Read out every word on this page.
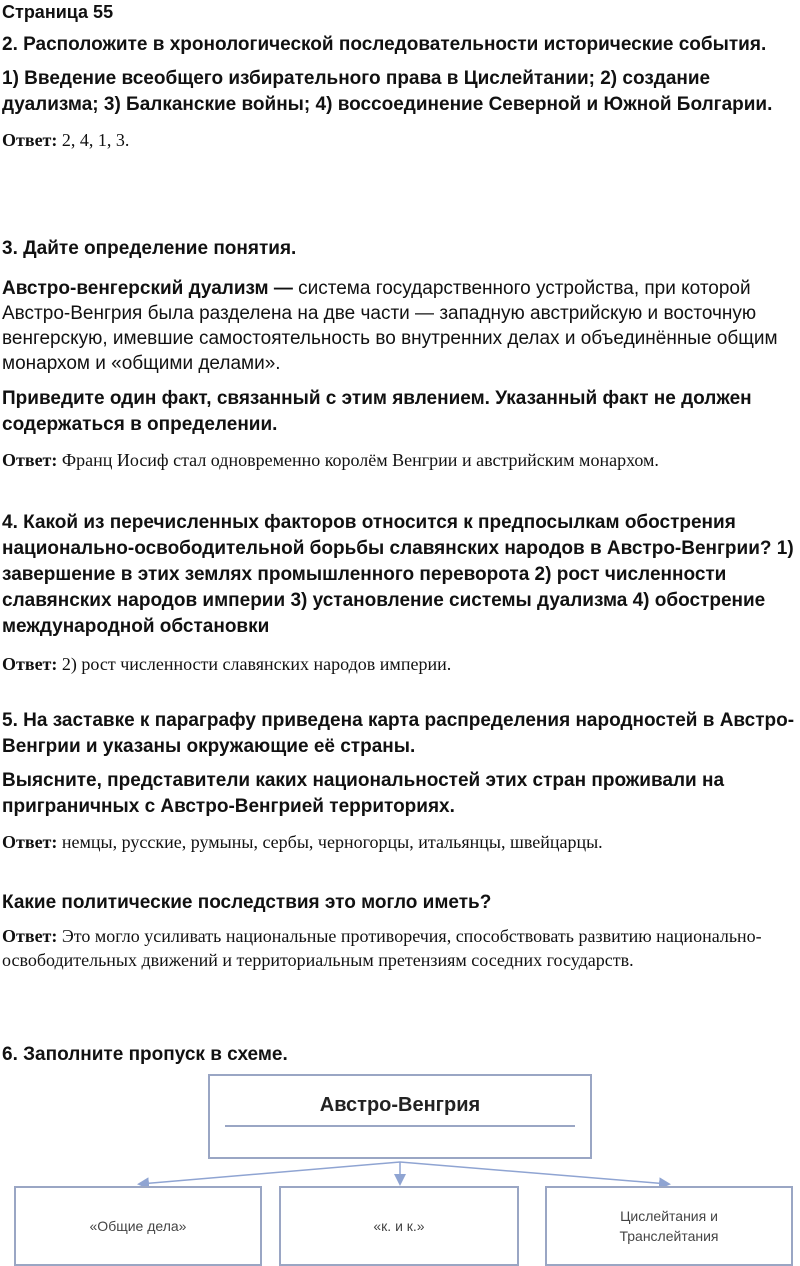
Страница 55

2. Расположите в хронологической последовательности исторические события.

1) Введение всеобщего избирательного права в Цислейтании; 2) создание дуализма; 3) Балканские войны; 4) воссоединение Северной и Южной Болгарии.

Ответ: 2, 4, 1, 3.

3. Дайте определение понятия.

Австро-венгерский дуализм — система государственного устройства, при которой Австро-Венгрия была разделена на две части — западную австрийскую и восточную венгерскую, имевшие самостоятельность во внутренних делах и объединённые общим монархом и «общими делами».

Приведите один факт, связанный с этим явлением. Указанный факт не должен содержаться в определении.

Ответ: Франц Иосиф стал одновременно королём Венгрии и австрийским монархом.

4. Какой из перечисленных факторов относится к предпосылкам обострения национально-освободительной борьбы славянских народов в Австро-Венгрии? 1) завершение в этих землях промышленного переворота 2) рост численности славянских народов империи 3) установление системы дуализма 4) обострение международной обстановки

Ответ: 2) рост численности славянских народов империи.

5. На заставке к параграфу приведена карта распределения народностей в Австро-Венгрии и указаны окружающие её страны.

Выясните, представители каких национальностей этих стран проживали на приграничных с Австро-Венгрией территориях.

Ответ: немцы, русские, румыны, сербы, черногорцы, итальянцы, швейцарцы.

Какие политические последствия это могло иметь?

Ответ: Это могло усиливать национальные противоречия, способствовать развитию национально-освободительных движений и территориальным претензиям соседних государств.

6. Заполните пропуск в схеме.

Австро-Венгрия
«Общие дела»	«к. и к.»
Цислейтания и Транслейтания
